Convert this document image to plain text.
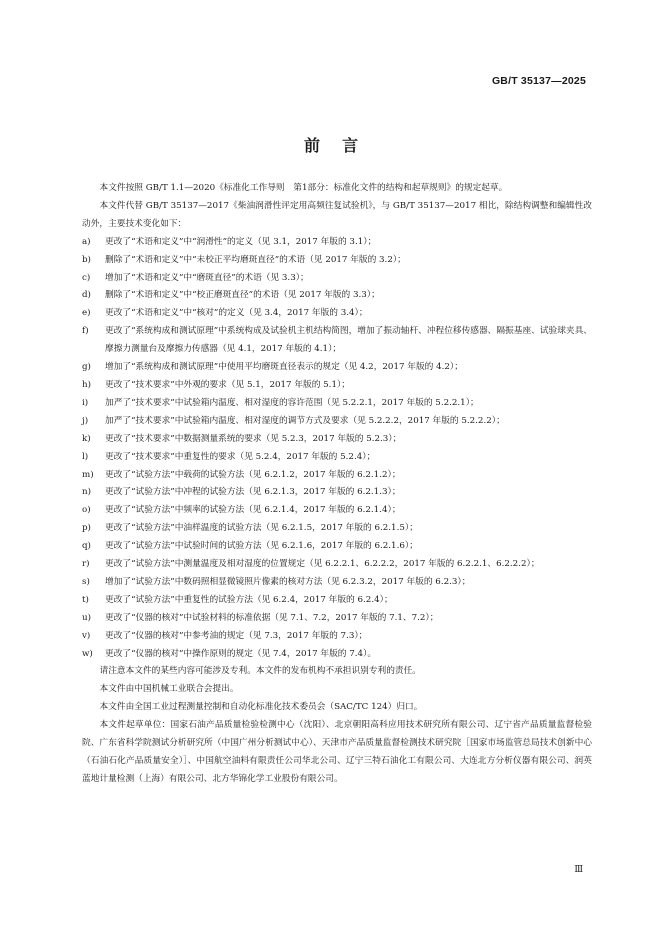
GB/T 35137—2025
前言
本文件按照 GB/T 1.1—2020《标准化工作导则　第1部分：标准化文件的结构和起草规则》的规定起草。
本文件代替 GB/T 35137—2017《柴油润滑性评定用高频往复试验机》，与 GB/T 35137—2017 相比，除结构调整和编辑性改动外，主要技术变化如下：
a)	更改了“术语和定义”中“润滑性”的定义（见 3.1，2017 年版的 3.1）；
b)	删除了“术语和定义”中“未校正平均磨斑直径”的术语（见 2017 年版的 3.2）；
c)	增加了“术语和定义”中“磨斑直径”的术语（见 3.3）；
d)	删除了“术语和定义”中“校正磨斑直径”的术语（见 2017 年版的 3.3）；
e)	更改了“术语和定义”中“核对”的定义（见 3.4，2017 年版的 3.4）；
f)	更改了“系统构成和测试原理”中系统构成及试验机主机结构简图，增加了振动轴杆、冲程位移传感器、隔振基座、试验球夹具、摩擦力测量台及摩擦力传感器（见 4.1，2017 年版的 4.1）；
g)	增加了“系统构成和测试原理”中使用平均磨斑直径表示的规定（见 4.2，2017 年版的 4.2）；
h)	更改了“技术要求”中外观的要求（见 5.1，2017 年版的 5.1）；
i)	加严了“技术要求”中试验箱内温度、相对湿度的容许范围（见 5.2.2.1，2017 年版的 5.2.2.1）；
j)	加严了“技术要求”中试验箱内温度、相对湿度的调节方式及要求（见 5.2.2.2，2017 年版的 5.2.2.2）；
k)	更改了“技术要求”中数据测量系统的要求（见 5.2.3，2017 年版的 5.2.3）；
l)	更改了“技术要求”中重复性的要求（见 5.2.4，2017 年版的 5.2.4）；
m)	更改了“试验方法”中载荷的试验方法（见 6.2.1.2，2017 年版的 6.2.1.2）；
n)	更改了“试验方法”中冲程的试验方法（见 6.2.1.3，2017 年版的 6.2.1.3）；
o)	更改了“试验方法”中频率的试验方法（见 6.2.1.4，2017 年版的 6.2.1.4）；
p)	更改了“试验方法”中油样温度的试验方法（见 6.2.1.5，2017 年版的 6.2.1.5）；
q)	更改了“试验方法”中试验时间的试验方法（见 6.2.1.6，2017 年版的 6.2.1.6）；
r)	更改了“试验方法”中测量温度及相对湿度的位置规定（见 6.2.2.1、6.2.2.2，2017 年版的 6.2.2.1、6.2.2.2）；
s)	增加了“试验方法”中数码照相显微镜照片像素的核对方法（见 6.2.3.2，2017 年版的 6.2.3）；
t)	更改了“试验方法”中重复性的试验方法（见 6.2.4，2017 年版的 6.2.4）；
u)	更改了“仪器的核对”中试验材料的标准依据（见 7.1、7.2，2017 年版的 7.1、7.2）；
v)	更改了“仪器的核对”中参考油的规定（见 7.3，2017 年版的 7.3）；
w)	更改了“仪器的核对”中操作原则的规定（见 7.4，2017 年版的 7.4）。
请注意本文件的某些内容可能涉及专利。本文件的发布机构不承担识别专利的责任。
本文件由中国机械工业联合会提出。
本文件由全国工业过程测量控制和自动化标准化技术委员会（SAC/TC 124）归口。
本文件起草单位：国家石油产品质量检验检测中心（沈阳）、北京朝阳高科应用技术研究所有限公司、辽宁省产品质量监督检验院、广东省科学院测试分析研究所（中国广州分析测试中心）、天津市产品质量监督检测技术研究院［国家市场监管总局技术创新中心（石油石化产品质量安全）］、中国航空油料有限责任公司华北公司、辽宁三特石油化工有限公司、大连北方分析仪器有限公司、润英蓝地计量检测（上海）有限公司、北方华锦化学工业股份有限公司。
Ⅲ
